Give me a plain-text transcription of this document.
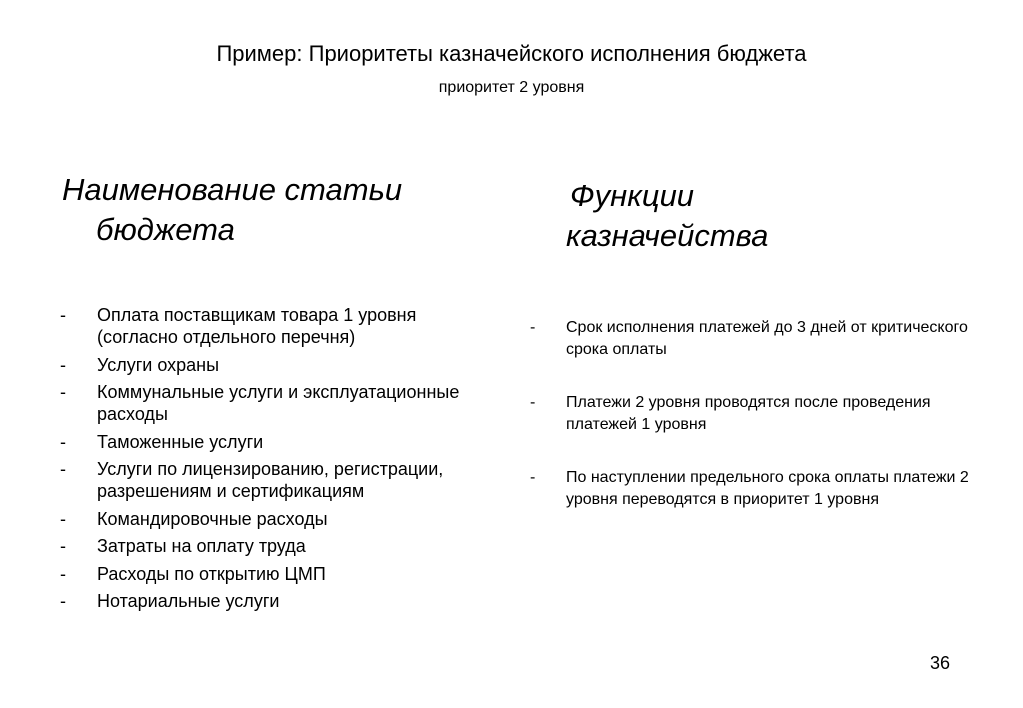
Пример: Приоритеты казначейского исполнения бюджета
приоритет 2 уровня
Наименование статьи бюджета
Функции
казначейства
- Оплата поставщикам товара 1 уровня (согласно отдельного перечня)
- Услуги охраны
- Коммунальные услуги и эксплуатационные расходы
- Таможенные услуги
- Услуги по лицензированию, регистрации, разрешениям и сертификациям
- Командировочные расходы
- Затраты на оплату труда
- Расходы по открытию ЦМП
- Нотариальные услуги
- Срок исполнения платежей до 3 дней от критического срока оплаты
- Платежи 2 уровня проводятся после проведения платежей 1 уровня
- По наступлении предельного срока оплаты платежи 2 уровня переводятся в приоритет 1 уровня
36
